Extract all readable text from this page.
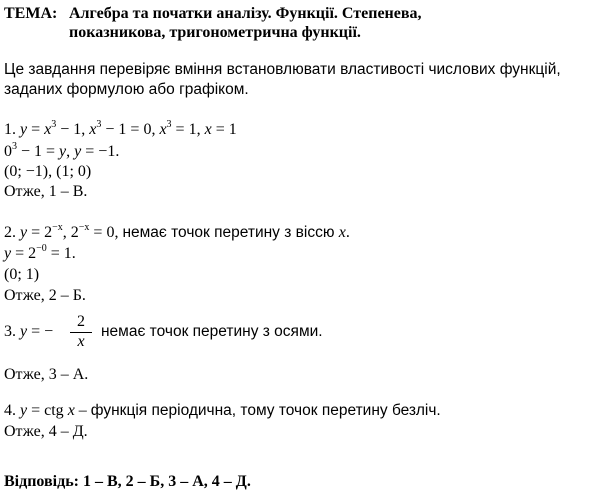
ТЕМА: Алгебра та початки аналізу. Функції. Степенева,
показникова, тригонометрична функції.
Це завдання перевіряє вміння встановлювати властивості числових функцій,
заданих формулою або графіком.
1. $y = x^3 - 1$, $x^3 - 1 = 0$, $x^3 = 1$, x = 1
$0^3 - 1 = y$, y = −1.
(0; −1), (1; 0)
Отже, 1 – В.
2. $y = 2^{-x}$, $2^{-x} = 0$, немає точок перетину з віссю x.
$y = 2^{-0} = 1$.
(0; 1)
Отже, 2 – Б.
3. y = −
2
x
немає точок перетину з осями.
Отже, 3 – А.
4. y = ctg x – функція періодична, тому точок перетину безліч.
Отже, 4 – Д.
Відповідь: 1 – В, 2 – Б, 3 – А, 4 – Д.
